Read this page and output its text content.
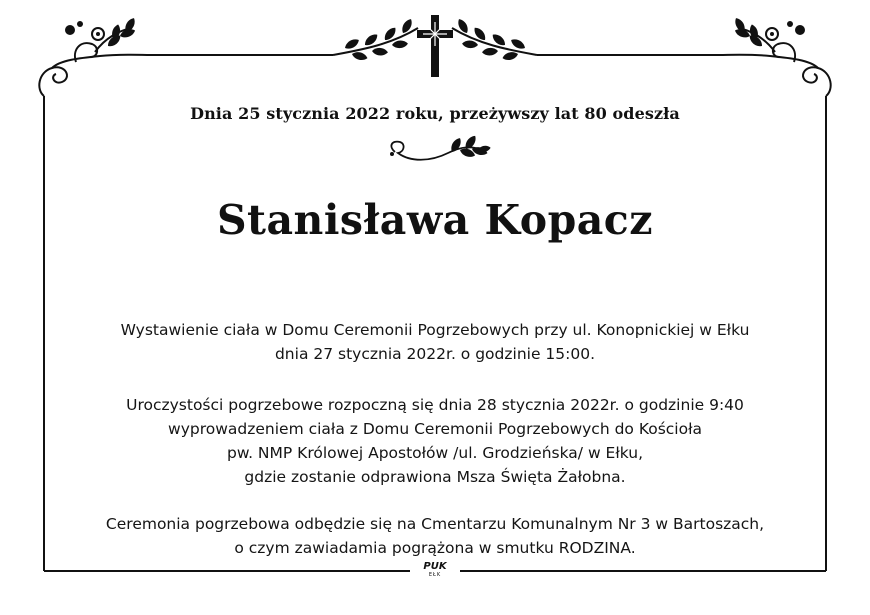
Dnia 25 stycznia 2022 roku, przeżywszy lat 80 odeszła
Stanisława Kopacz
Wystawienie ciała w Domu Ceremonii Pogrzebowych przy ul. Konopnickiej w Ełku
dnia 27 stycznia 2022r. o godzinie 15:00.
Uroczystości pogrzebowe rozpoczną się dnia 28 stycznia 2022r. o godzinie 9:40
wyprowadzeniem ciała z Domu Ceremonii Pogrzebowych do Kościoła
pw. NMP Królowej Apostołów /ul. Grodzieńska/ w Ełku,
gdzie zostanie odprawiona Msza Święta Żałobna.
Ceremonia pogrzebowa odbędzie się na Cmentarzu Komunalnym Nr 3 w Bartoszach,
o czym zawiadamia pogrążona w smutku RODZINA.
PUK
EŁK
